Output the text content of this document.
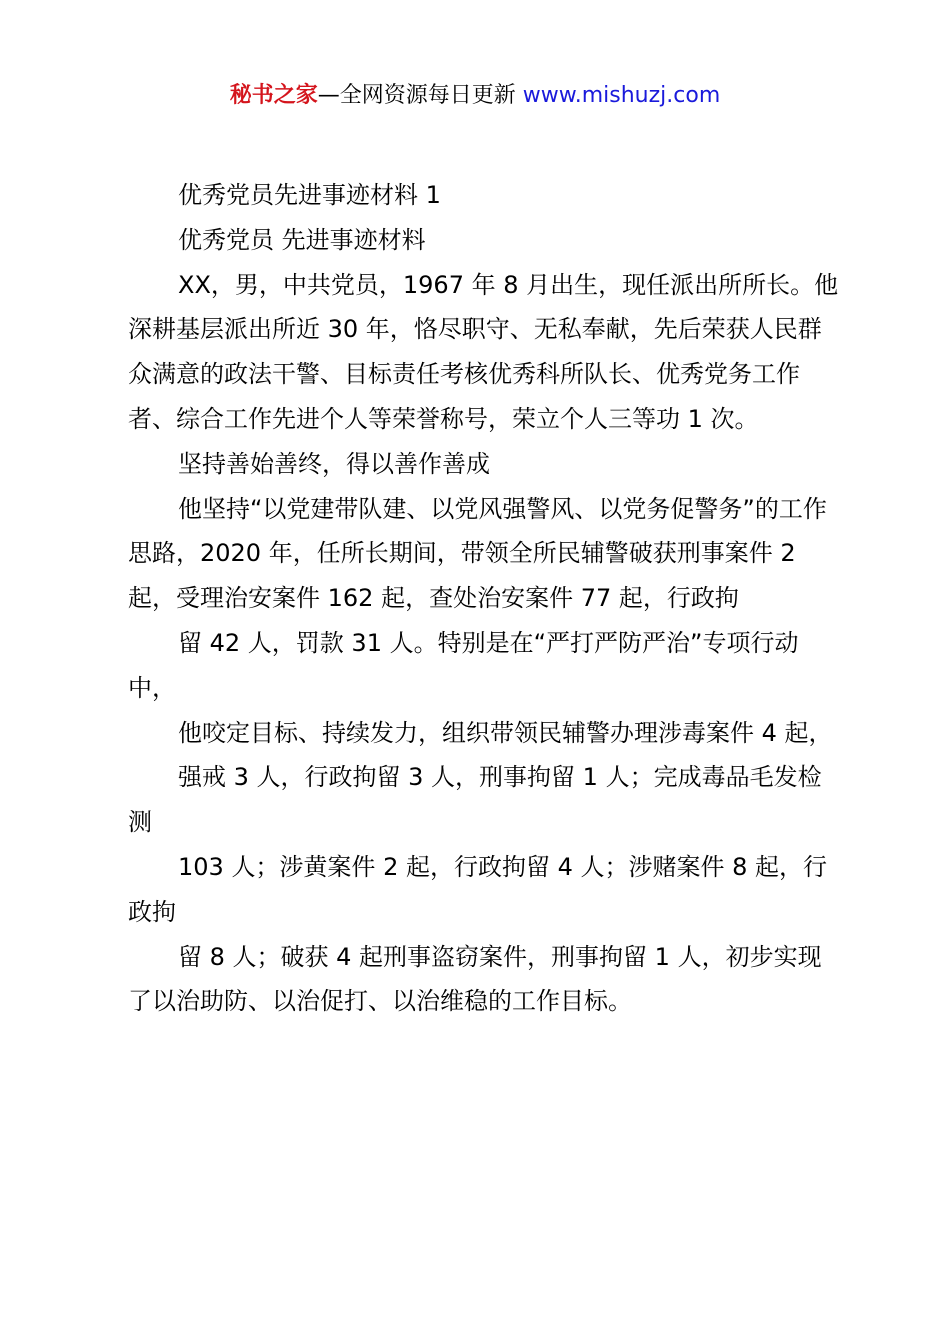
秘书之家—全网资源每日更新 www.mishuzj.com

优秀党员先进事迹材料 1

优秀党员 先进事迹材料

XX，男，中共党员，1967 年 8 月出生，现任派出所所长。他深耕基层派出所近 30 年，恪尽职守、无私奉献，先后荣获人民群众满意的政法干警、目标责任考核优秀科所队长、优秀党务工作者、综合工作先进个人等荣誉称号，荣立个人三等功 1 次。

坚持善始善终，得以善作善成

他坚持“以党建带队建、以党风强警风、以党务促警务”的工作思路，2020 年，任所长期间，带领全所民辅警破获刑事案件 2 起，受理治安案件 162 起，查处治安案件 77 起，行政拘

留 42 人，罚款 31 人。特别是在“严打严防严治”专项行动中，

他咬定目标、持续发力，组织带领民辅警办理涉毒案件 4 起，

强戒 3 人，行政拘留 3 人，刑事拘留 1 人；完成毒品毛发检测

103 人；涉黄案件 2 起，行政拘留 4 人；涉赌案件 8 起，行政拘

留 8 人；破获 4 起刑事盗窃案件，刑事拘留 1 人，初步实现了以治助防、以治促打、以治维稳的工作目标。
